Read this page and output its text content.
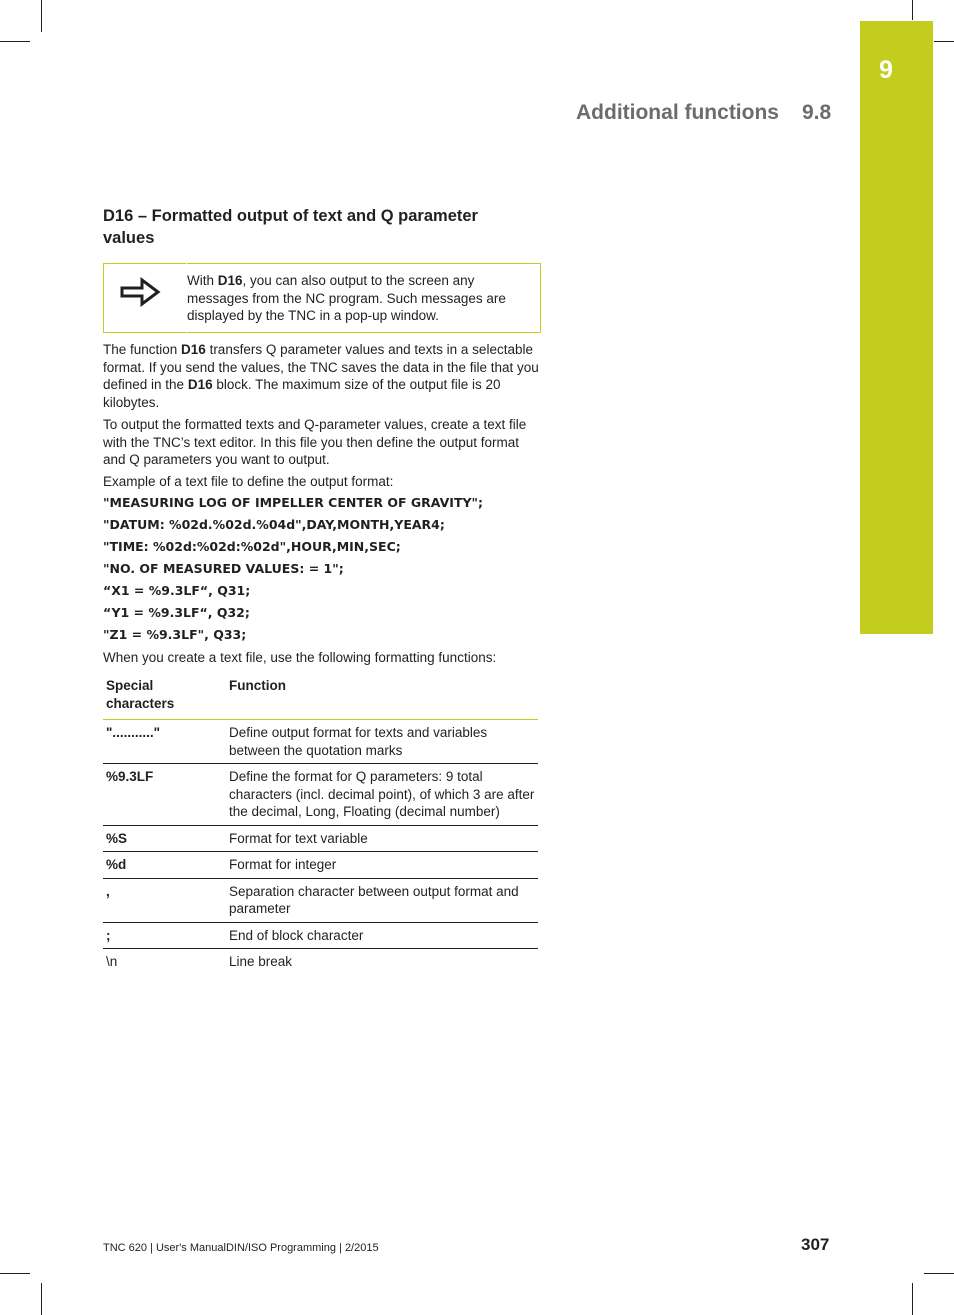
9
Additional functions 9.8
D16 – Formatted output of text and Q parameter values
With D16, you can also output to the screen any messages from the NC program. Such messages are displayed by the TNC in a pop-up window.

The function D16 transfers Q parameter values and texts in a selectable format. If you send the values, the TNC saves the data in the file that you defined in the D16 block. The maximum size of the output file is 20 kilobytes.

To output the formatted texts and Q-parameter values, create a text file with the TNC’s text editor. In this file you then define the output format and Q parameters you want to output.

Example of a text file to define the output format:

"MEASURING LOG OF IMPELLER CENTER OF GRAVITY";
"DATUM: %02d.%02d.%04d",DAY,MONTH,YEAR4;
"TIME: %02d:%02d:%02d",HOUR,MIN,SEC;
"NO. OF MEASURED VALUES: = 1";
“X1 = %9.3LF“, Q31;
“Y1 = %9.3LF“, Q32;
"Z1 = %9.3LF", Q33;

When you create a text file, use the following formatting functions:

Special characters	Function
"..........."	Define output format for texts and variables between the quotation marks
%9.3LF	Define the format for Q parameters: 9 total characters (incl. decimal point), of which 3 are after the decimal, Long, Floating (decimal number)
%S	Format for text variable
%d	Format for integer
,	Separation character between output format and parameter
;	End of block character
\n	Line break
TNC 620 | User's ManualDIN/ISO Programming | 2/2015	307
